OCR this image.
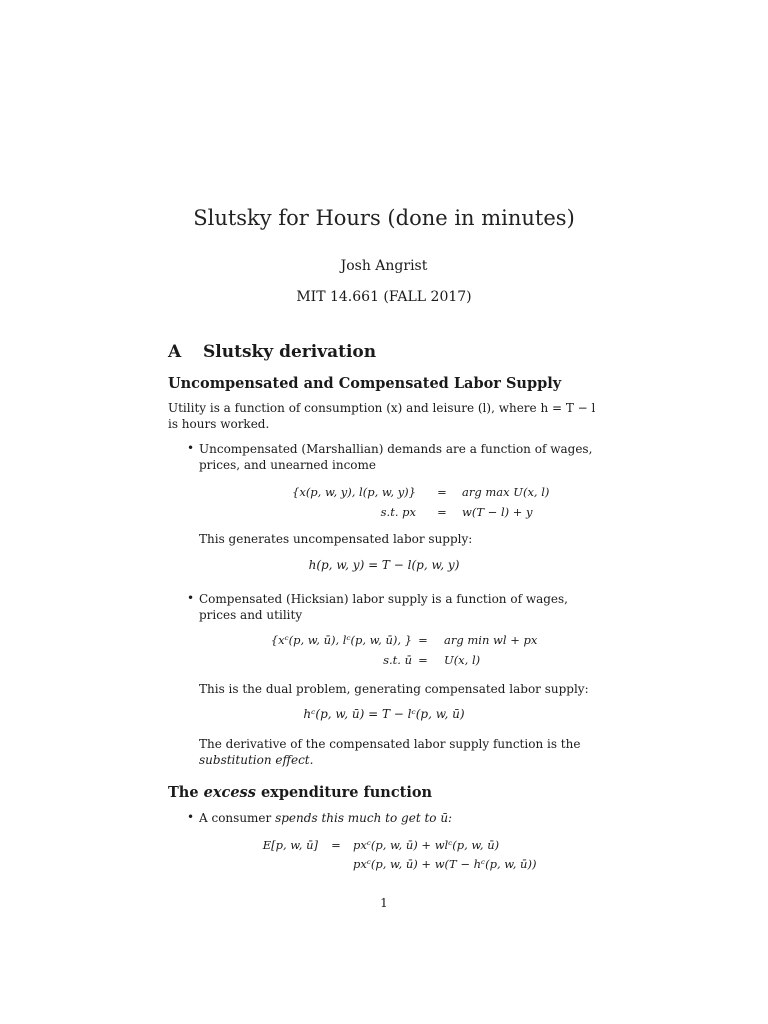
Slutsky for Hours (done in minutes)
Josh Angrist
MIT 14.661 (FALL 2017)
A Slutsky derivation
Uncompensated and Compensated Labor Supply
Utility is a function of consumption (x) and leisure (l), where h = T − l is hours worked.
• Uncompensated (Marshallian) demands are a function of wages, prices, and unearned income
{x(p, w, y), l(p, w, y)}	=	arg max U(x, l)
s.t. px	=	w(T − l) + y
This generates uncompensated labor supply:
h(p, w, y) = T − l(p, w, y)
• Compensated (Hicksian) labor supply is a function of wages, prices and utility
{xᶜ(p, w, ū), lᶜ(p, w, ū), } =	arg min wl + px
s.t. ū =	U(x, l)
This is the dual problem, generating compensated labor supply:
hᶜ(p, w, ū) = T − lᶜ(p, w, ū)
The derivative of the compensated labor supply function is the substitution effect.
The excess expenditure function
• A consumer spends this much to get to ū:
E[p, w, ū]	=	pxᶜ(p, w, ū) + wlᶜ(p, w, ū)
pxᶜ(p, w, ū) + w(T − hᶜ(p, w, ū))
1
